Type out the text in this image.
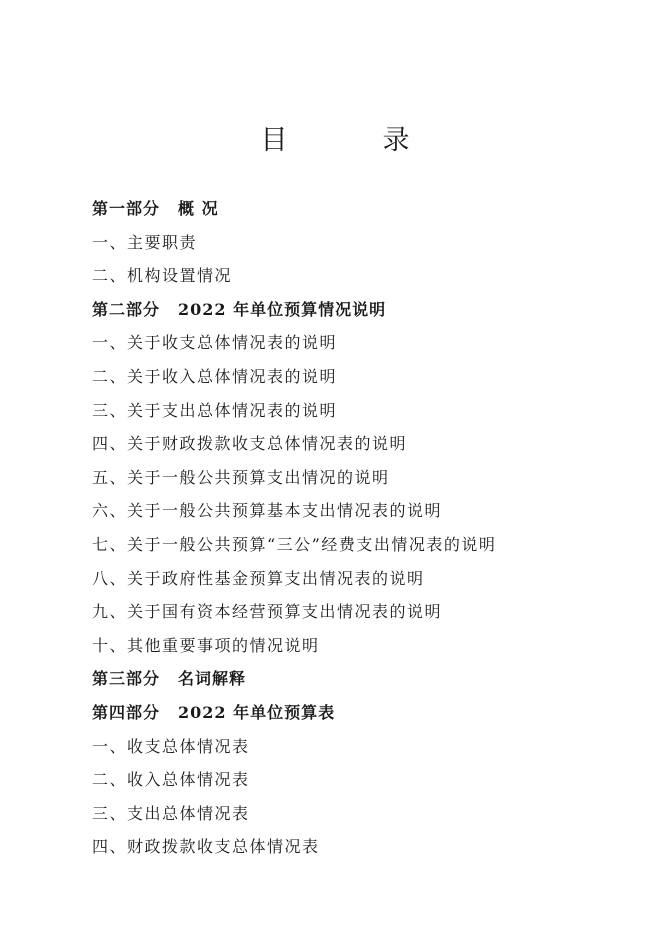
目　录
第一部分 概 况
一、主要职责
二、机构设置情况
第二部分 2022 年单位预算情况说明
一、关于收支总体情况表的说明
二、关于收入总体情况表的说明
三、关于支出总体情况表的说明
四、关于财政拨款收支总体情况表的说明
五、关于一般公共预算支出情况的说明
六、关于一般公共预算基本支出情况表的说明
七、关于一般公共预算“三公”经费支出情况表的说明
八、关于政府性基金预算支出情况表的说明
九、关于国有资本经营预算支出情况表的说明
十、其他重要事项的情况说明
第三部分 名词解释
第四部分 2022 年单位预算表
一、收支总体情况表
二、收入总体情况表
三、支出总体情况表
四、财政拨款收支总体情况表
